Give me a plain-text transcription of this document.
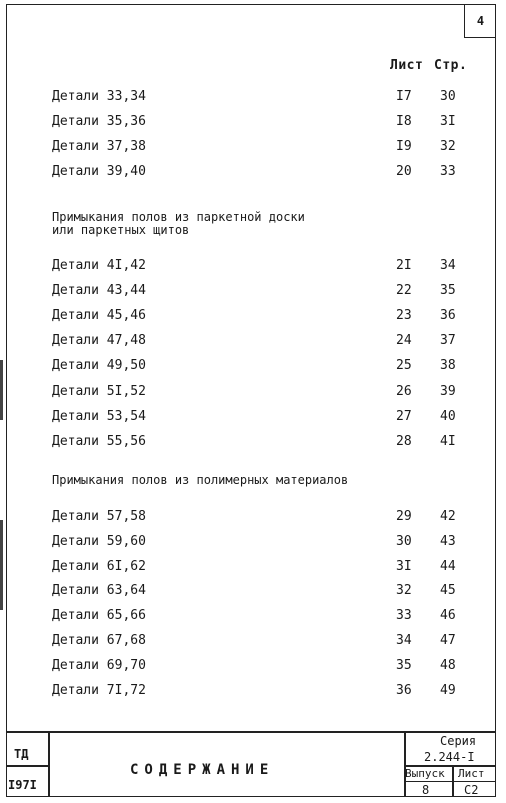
4
Лист Стр.
Детали 33,34	I7	30
Детали 35,36	I8	3I
Детали 37,38	I9	32
Детали 39,40	20	33
Примыкания полов из паркетной доски
или паркетных щитов
Детали 4I,42	2I	34
Детали 43,44	22	35
Детали 45,46	23	36
Детали 47,48	24	37
Детали 49,50	25	38
Детали 5I,52	26	39
Детали 53,54	27	40
Детали 55,56	28	4I
Примыкания полов из полимерных материалов
Детали 57,58	29	42
Детали 59,60	30	43
Детали 6I,62	3I	44
Детали 63,64	32	45
Детали 65,66	33	46
Детали 67,68	34	47
Детали 69,70	35	48
Детали 7I,72	36	49
ТД
I97I
СОДЕРЖАНИЕ
Серия
2.244-I
Выпуск
8
Лист
С2
